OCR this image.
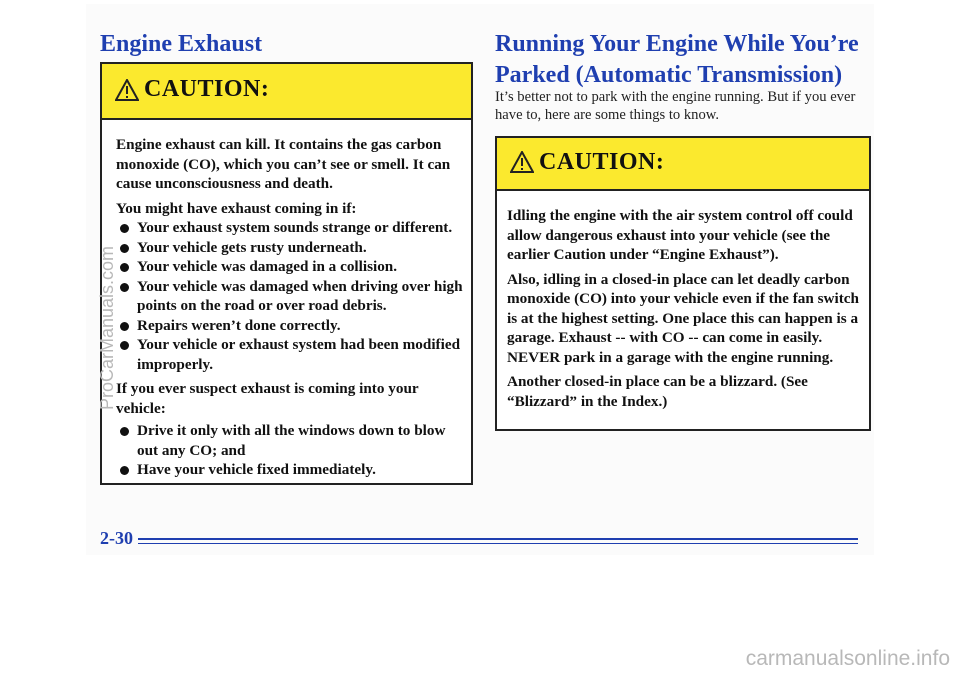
Engine Exhaust
CAUTION:

Engine exhaust can kill. It contains the gas carbon monoxide (CO), which you can’t see or smell. It can cause unconsciousness and death.

You might have exhaust coming in if:

Your exhaust system sounds strange or different.
Your vehicle gets rusty underneath.
Your vehicle was damaged in a collision.
Your vehicle was damaged when driving over high points on the road or over road debris.
Repairs weren’t done correctly.
Your vehicle or exhaust system had been modified improperly.

If you ever suspect exhaust is coming into your vehicle:

Drive it only with all the windows down to blow out any CO; and
Have your vehicle fixed immediately.
Running Your Engine While You’re
Parked (Automatic Transmission)
It’s better not to park with the engine running. But if you ever have to, here are some things to know.
CAUTION:

Idling the engine with the air system control off could allow dangerous exhaust into your vehicle (see the earlier Caution under “Engine Exhaust”).

Also, idling in a closed-in place can let deadly carbon monoxide (CO) into your vehicle even if the fan switch is at the highest setting. One place this can happen is a garage. Exhaust -- with CO -- can come in easily. NEVER park in a garage with the engine running.

Another closed-in place can be a blizzard. (See “Blizzard” in the Index.)

2-30
ProCarManuals.com
carmanualsonline.info
